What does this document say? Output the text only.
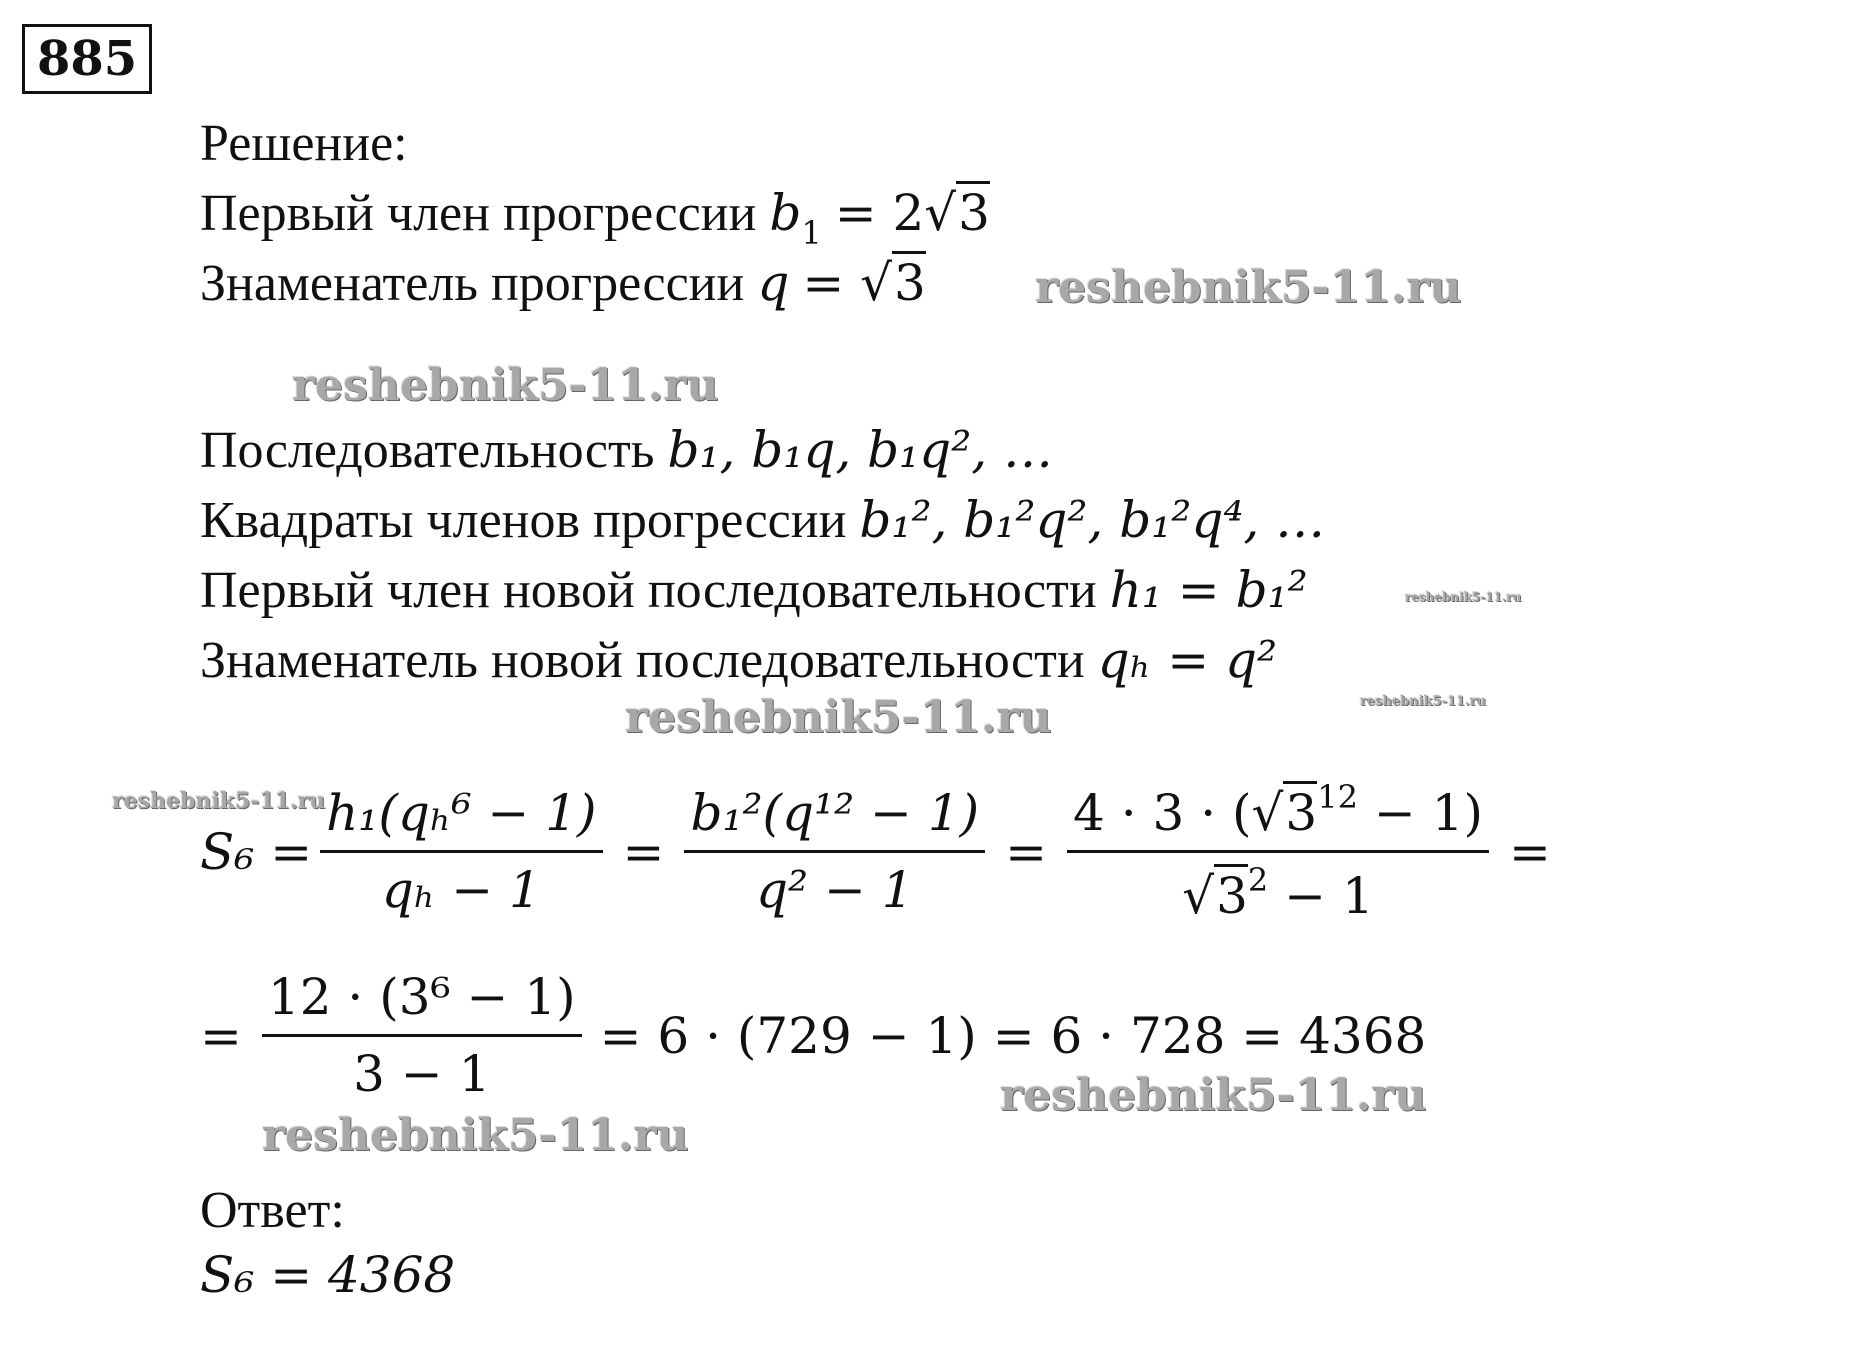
885
Решение:
Первый член прогрессии $b_1 = 2√3$
Знаменатель прогрессии q = √3
Последовательность b₁, b₁q, b₁q², …
Квадраты членов прогрессии b₁², b₁²q², b₁²q⁴, …
Первый член новой последовательности h₁ = b₁²
Знаменатель новой последовательности qₕ = q²
$S_6 = \frac{\text{h₁(qₕ⁶ − 1)}}{\text{qₕ − 1}} = \frac{\text{b₁²(q¹² − 1)}}{\text{q² − 1}} = \frac{4 \cdot 3 \cdot (√3^{12} - 1)}{√3^2 - 1}$ =
= $\frac{\text{12 · (3⁶ − 1)}}{3 - 1} = 6 \cdot (729 - 1) = 6 \cdot 728 = 4368$
Ответ:
S₆ = 4368
reshebnik5-11.ru
reshebnik5-11.ru
reshebnik5-11.ru
reshebnik5-11.ru
reshebnik5-11.ru
reshebnik5-11.ru
reshebnik5-11.ru
reshebnik5-11.ru
